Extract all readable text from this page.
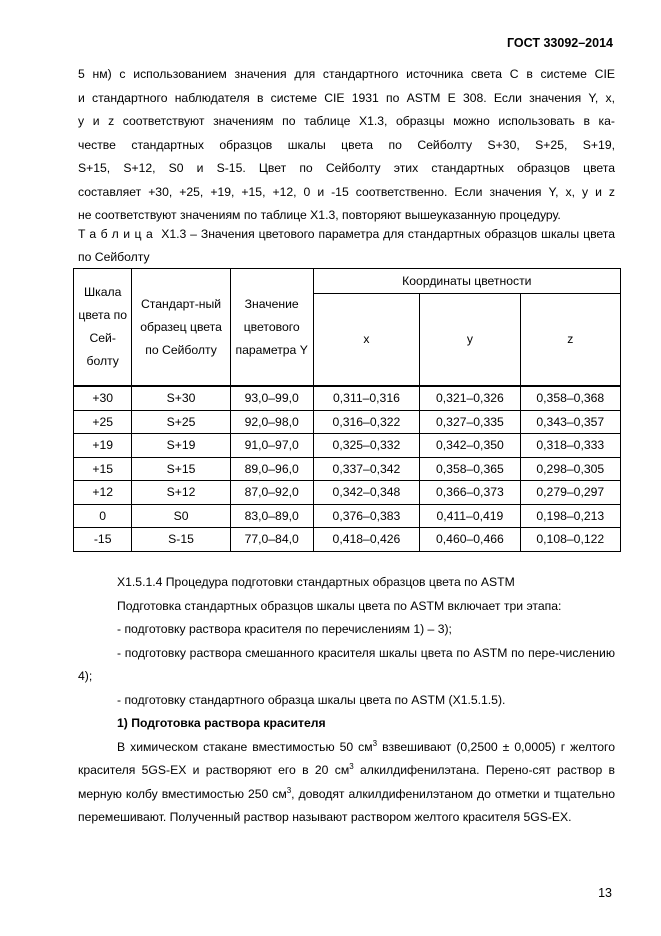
ГОСТ 33092–2014
5 нм) с использованием значения для стандартного источника света С в системе CIE
и стандартного наблюдателя в системе CIE 1931 по ASTM E 308. Если значения Y, x,
y и z соответствуют значениям по таблице X1.3, образцы можно использовать в ка-
честве стандартных образцов шкалы цвета по Сейболту S+30, S+25, S+19,
S+15, S+12, S0 и S-15. Цвет по Сейболту этих стандартных образцов цвета
составляет +30, +25, +19, +15, +12, 0 и -15 соответственно. Если значения Y, x, y и z
не соответствуют значениям по таблице X1.3, повторяют вышеуказанную процедуру.
Таблица X1.3 – Значения цветового параметра для стандартных образцов шкалы цвета по Сейболту
Шкала цвета по Сей-болту	Стандарт-ный образец цвета по Сейболту	Значение цветового параметра Y	Координаты цветности		
			x	y	z
+30	S+30	93,0–99,0	0,311–0,316	0,321–0,326	0,358–0,368
+25	S+25	92,0–98,0	0,316–0,322	0,327–0,335	0,343–0,357
+19	S+19	91,0–97,0	0,325–0,332	0,342–0,350	0,318–0,333
+15	S+15	89,0–96,0	0,337–0,342	0,358–0,365	0,298–0,305
+12	S+12	87,0–92,0	0,342–0,348	0,366–0,373	0,279–0,297
0	S0	83,0–89,0	0,376–0,383	0,411–0,419	0,198–0,213
-15	S-15	77,0–84,0	0,418–0,426	0,460–0,466	0,108–0,122

X1.5.1.4 Процедура подготовки стандартных образцов цвета по ASTM

Подготовка стандартных образцов шкалы цвета по ASTM включает три этапа:

- подготовку раствора красителя по перечислениям 1) – 3);

- подготовку раствора смешанного красителя шкалы цвета по ASTM по пере-числению 4);

- подготовку стандартного образца шкалы цвета по ASTM (X1.5.1.5).

1) Подготовка раствора красителя

В химическом стакане вместимостью 50 $см^3$ взвешивают (0,2500 ± 0,0005) г желтого красителя 5GS-EX и растворяют его в 20 $см^3$ алкилдифенилэтана. Перено-сят раствор в мерную колбу вместимостью 250 $см^3$, доводят алкилдифенилэтаном до отметки и тщательно перемешивают. Полученный раствор называют раствором желтого красителя 5GS-EX.

13
